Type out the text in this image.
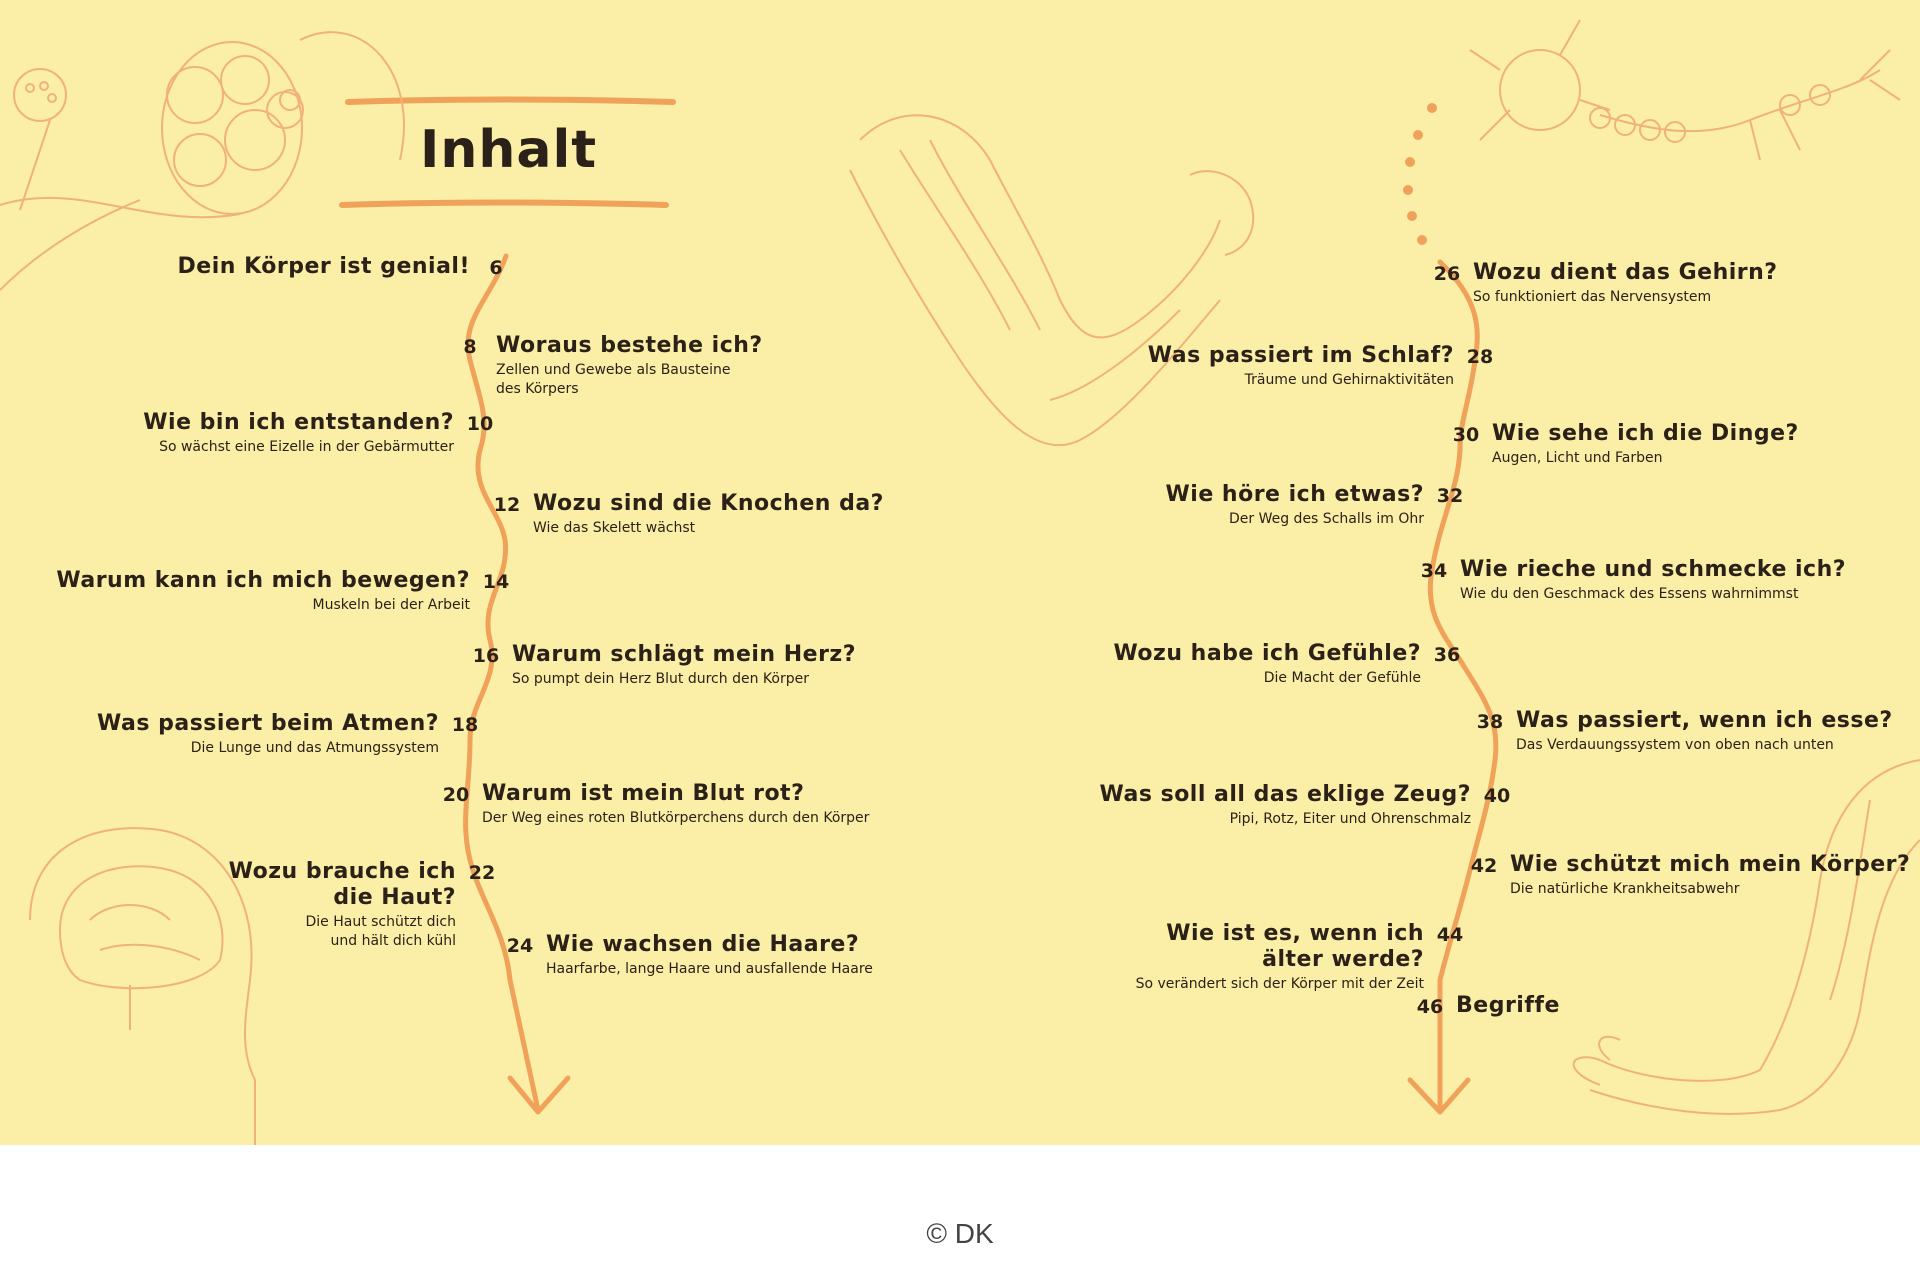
Inhalt
6
Dein Körper ist genial!
8 Woraus bestehe ich?
Zellen und Gewebe als Bausteine
des Körpers
10
Wie bin ich entstanden?
So wächst eine Eizelle in der Gebärmutter
12 Wozu sind die Knochen da?
Wie das Skelett wächst
14
Warum kann ich mich bewegen?
Muskeln bei der Arbeit
16 Warum schlägt mein Herz?
So pumpt dein Herz Blut durch den Körper
18
Was passiert beim Atmen?
Die Lunge und das Atmungssystem
20 Warum ist mein Blut rot?
Der Weg eines roten Blutkörperchens durch den Körper
22
Wozu brauche ich
die Haut?
Die Haut schützt dich
und hält dich kühl	24 Wie wachsen die Haare?
Haarfarbe, lange Haare und ausfallende Haare
26 Wozu dient das Gehirn?
So funktioniert das Nervensystem
28
Was passiert im Schlaf?
Träume und Gehirnaktivitäten
30 Wie sehe ich die Dinge?
Augen, Licht und Farben
32
Wie höre ich etwas?
Der Weg des Schalls im Ohr
34 Wie rieche und schmecke ich?
Wie du den Geschmack des Essens wahrnimmst
36
Wozu habe ich Gefühle?
Die Macht der Gefühle
38 Was passiert, wenn ich esse?
Das Verdauungssystem von oben nach unten
40
Was soll all das eklige Zeug?
Pipi, Rotz, Eiter und Ohrenschmalz
42 Wie schützt mich mein Körper?
Die natürliche Krankheitsabwehr
44
Wie ist es, wenn ich
älter werde?
So verändert sich der Körper mit der Zeit
46 Begriffe
© DK
